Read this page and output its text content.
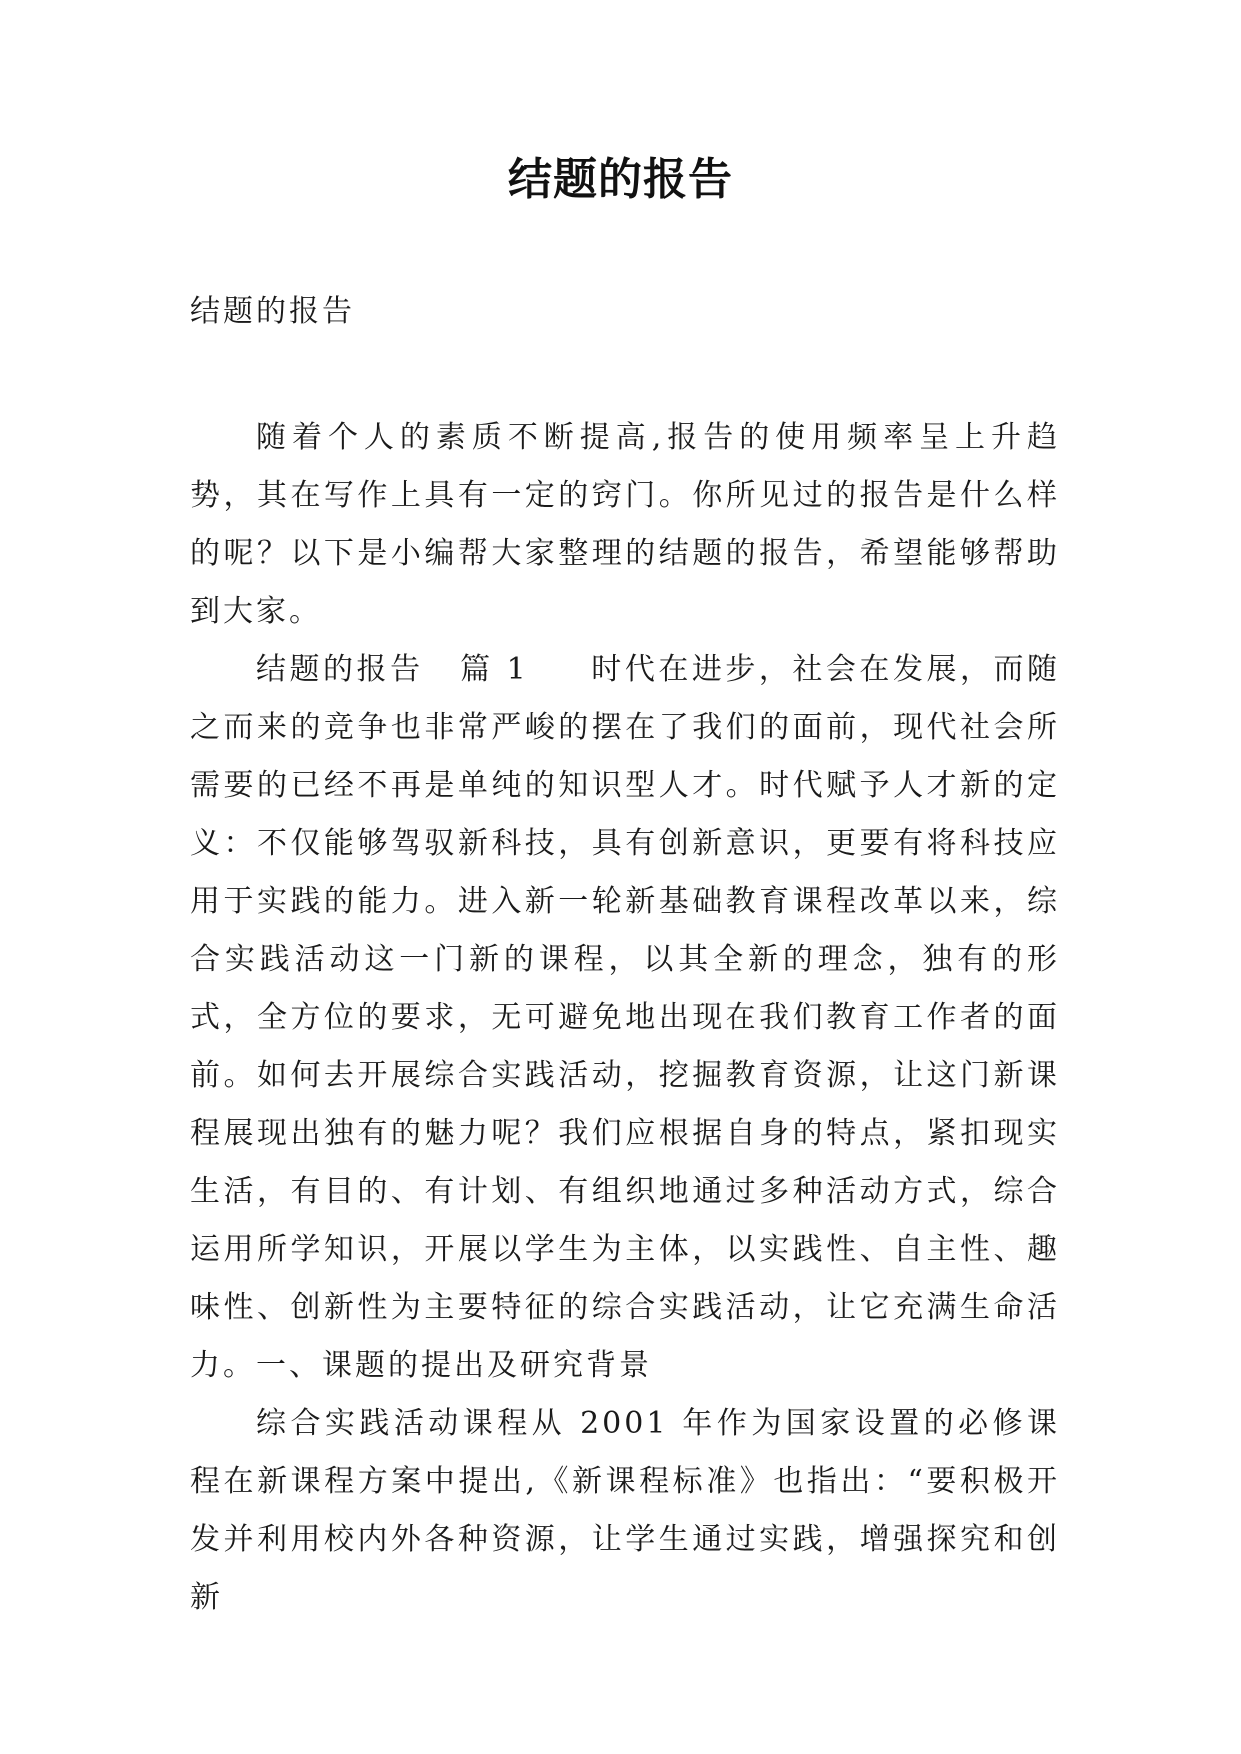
结题的报告
结题的报告

随着个人的素质不断提高,报告的使用频率呈上升趋势，其在写作上具有一定的窍门。你所见过的报告是什么样的呢？以下是小编帮大家整理的结题的报告，希望能够帮助到大家。

结题的报告 篇 1 时代在进步，社会在发展，而随之而来的竞争也非常严峻的摆在了我们的面前，现代社会所需要的已经不再是单纯的知识型人才。时代赋予人才新的定义：不仅能够驾驭新科技，具有创新意识，更要有将科技应用于实践的能力。进入新一轮新基础教育课程改革以来，综合实践活动这一门新的课程，以其全新的理念，独有的形式，全方位的要求，无可避免地出现在我们教育工作者的面前。如何去开展综合实践活动，挖掘教育资源，让这门新课程展现出独有的魅力呢？我们应根据自身的特点，紧扣现实生活，有目的、有计划、有组织地通过多种活动方式，综合运用所学知识，开展以学生为主体，以实践性、自主性、趣味性、创新性为主要特征的综合实践活动，让它充满生命活力。一、课题的提出及研究背景

综合实践活动课程从 2001 年作为国家设置的必修课程在新课程方案中提出,《新课程标准》也指出：“要积极开发并利用校内外各种资源，让学生通过实践，增强探究和创新
